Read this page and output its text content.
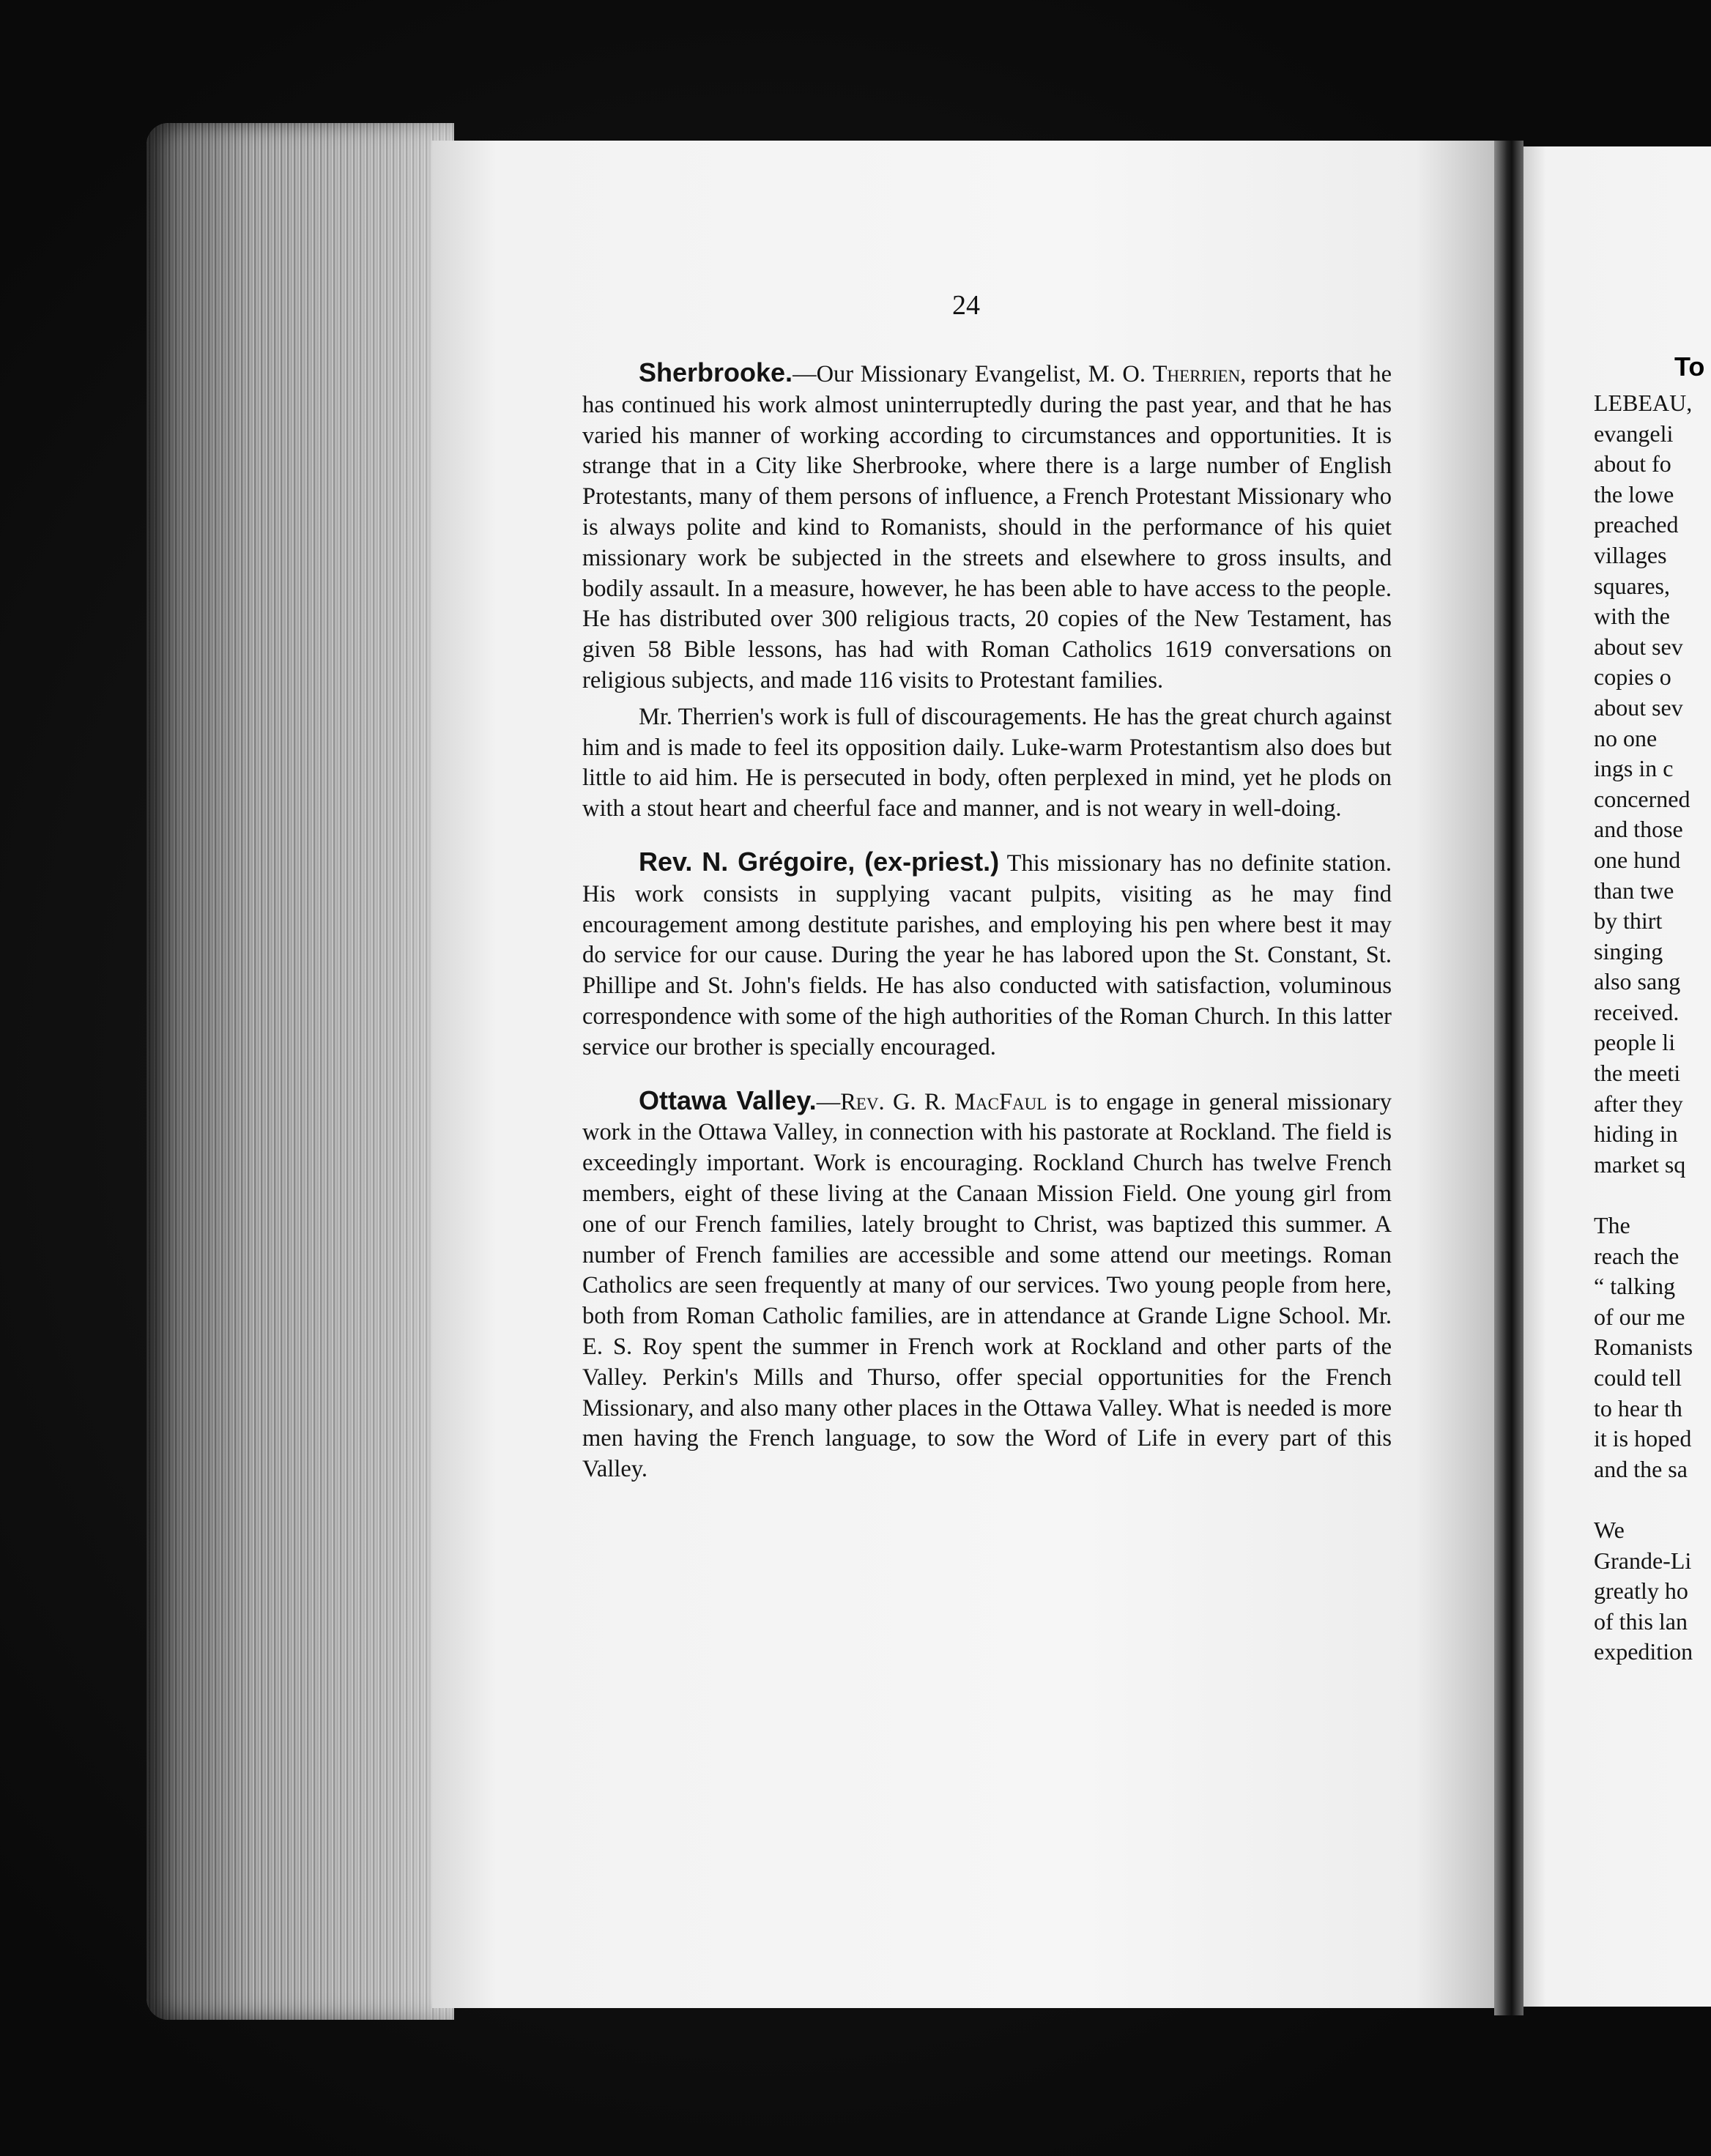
24

Sherbrooke.—Our Missionary Evangelist, M. O. Therrien, reports that he has continued his work almost uninterruptedly during the past year, and that he has varied his manner of working according to circumstances and opportunities. It is strange that in a City like Sherbrooke, where there is a large number of English Protestants, many of them persons of influence, a French Protestant Missionary who is always polite and kind to Romanists, should in the performance of his quiet missionary work be subjected in the streets and elsewhere to gross insults, and bodily assault. In a measure, however, he has been able to have access to the people. He has distributed over 300 religious tracts, 20 copies of the New Testament, has given 58 Bible lessons, has had with Roman Catholics 1619 conversations on religious subjects, and made 116 visits to Protestant families.

Mr. Therrien's work is full of discouragements. He has the great church against him and is made to feel its opposition daily. Luke-warm Protestantism also does but little to aid him. He is persecuted in body, often perplexed in mind, yet he plods on with a stout heart and cheerful face and manner, and is not weary in well-doing.

Rev. N. Grégoire, (ex-priest.) This missionary has no definite station. His work consists in supplying vacant pulpits, visiting as he may find encouragement among destitute parishes, and employing his pen where best it may do service for our cause. During the year he has labored upon the St. Constant, St. Phillipe and St. John's fields. He has also conducted with satisfaction, voluminous correspondence with some of the high authorities of the Roman Church. In this latter service our brother is specially encouraged.

Ottawa Valley.—Rev. G. R. MacFaul is to engage in general missionary work in the Ottawa Valley, in connection with his pastorate at Rockland. The field is exceedingly important. Work is encouraging. Rockland Church has twelve French members, eight of these living at the Canaan Mission Field. One young girl from one of our French families, lately brought to Christ, was baptized this summer. A number of French families are accessible and some attend our meetings. Roman Catholics are seen frequently at many of our services. Two young people from here, both from Roman Catholic families, are in attendance at Grande Ligne School. Mr. E. S. Roy spent the summer in French work at Rockland and other parts of the Valley. Perkin's Mills and Thurso, offer special opportunities for the French Missionary, and also many other places in the Ottawa Valley. What is needed is more men having the French language, to sow the Word of Life in every part of this Valley.

To
LEBEAU,
evangeli
about fo
the lowe
preached
villages
squares,
with the
about sev
copies o
about sev
no one
ings in c
concerned
and those
one hund
than twe
by thirt
singing
also sang
received.
people li
the meeti
after they
hiding in
market sq
The
reach the
“ talking
of our me
Romanists
could tell
to hear th
it is hoped
and the sa
We
Grande-Li
greatly ho
of this lan
expedition
